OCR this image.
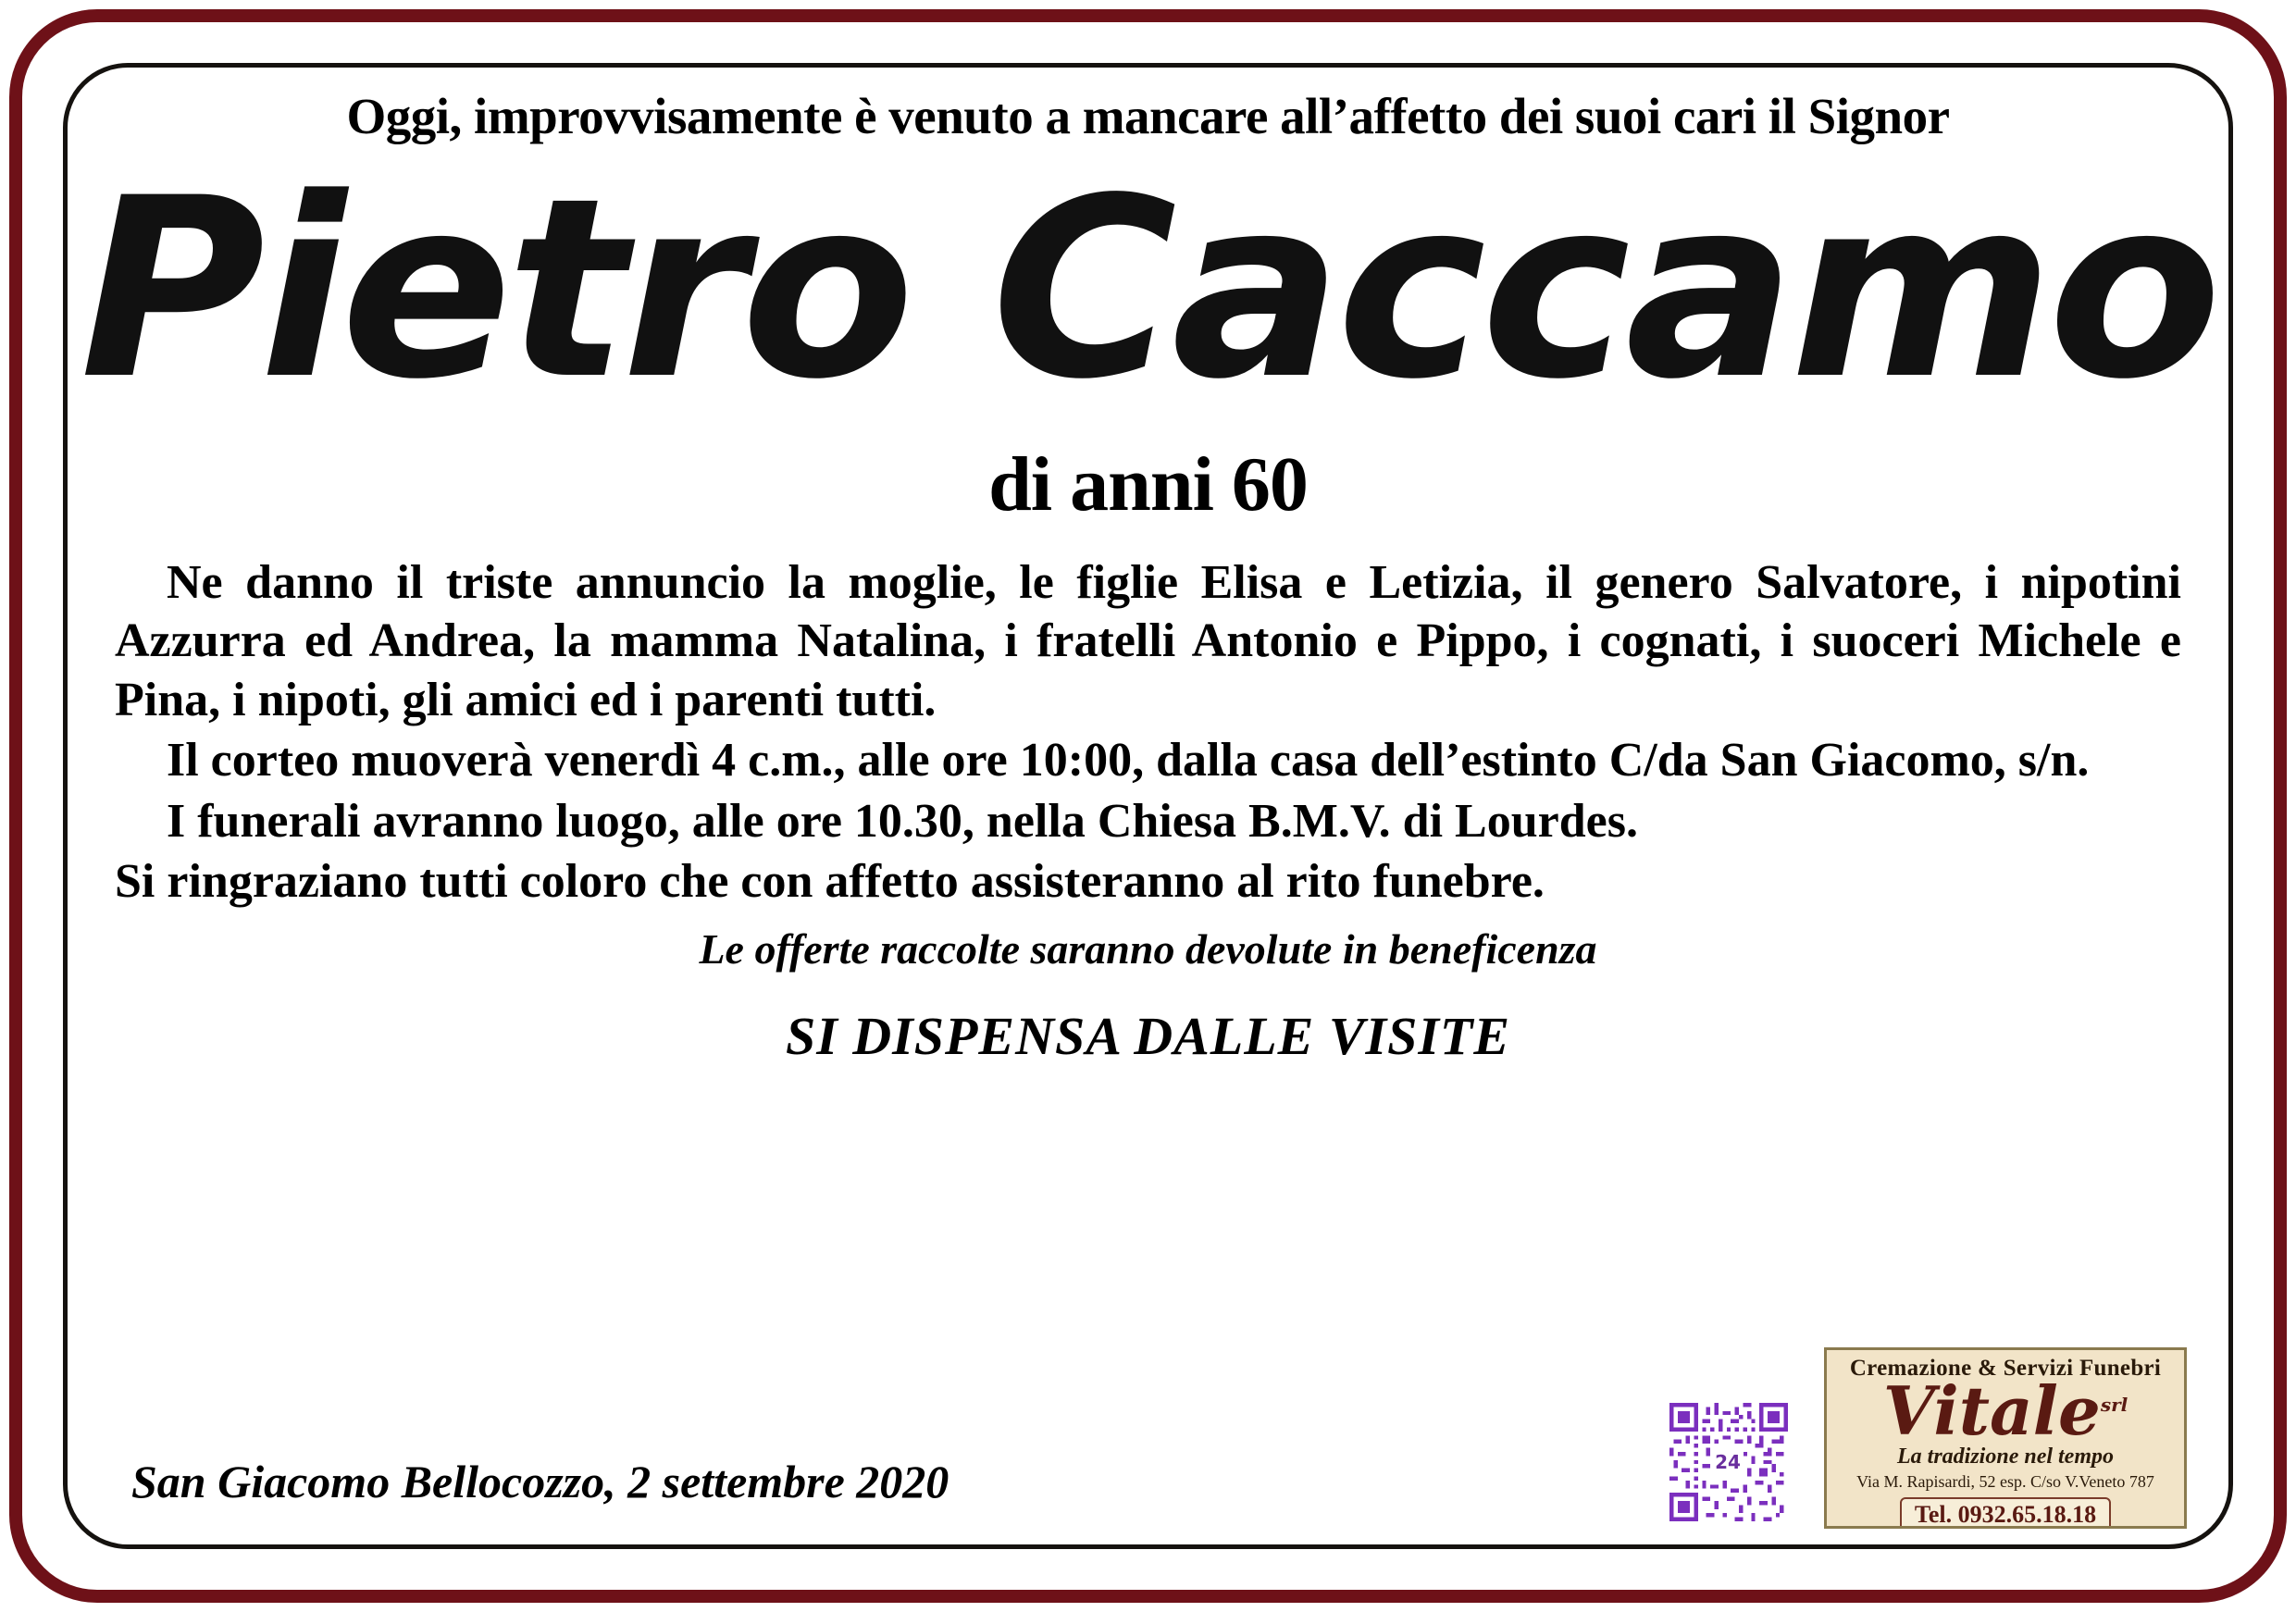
Oggi, improvvisamente è venuto a mancare all’affetto dei suoi cari il Signor
Pietro Caccamo
di anni 60

Ne danno il triste annuncio la moglie, le figlie Elisa e Letizia, il genero Salvatore, i nipotini Azzurra ed Andrea, la mamma Natalina, i fratelli Antonio e Pippo, i cognati, i suoceri Michele e Pina, i nipoti, gli amici ed i parenti tutti.

Il corteo muoverà venerdì 4 c.m., alle ore 10:00, dalla casa dell’estinto C/da San Giacomo, s/n.

I funerali avranno luogo, alle ore 10.30, nella Chiesa B.M.V. di Lourdes.

Si ringraziano tutti coloro che con affetto assisteranno al rito funebre.

Le offerte raccolte saranno devolute in beneficenza
SI DISPENSA DALLE VISITE
San Giacomo Bellocozzo, 2 settembre 2020	24
Cremazione & Servizi Funebri
Vitale$^{srl}$
La tradizione nel tempo
Via M. Rapisardi, 52 esp. C/so V.Veneto 787
Tel. 0932.65.18.18
